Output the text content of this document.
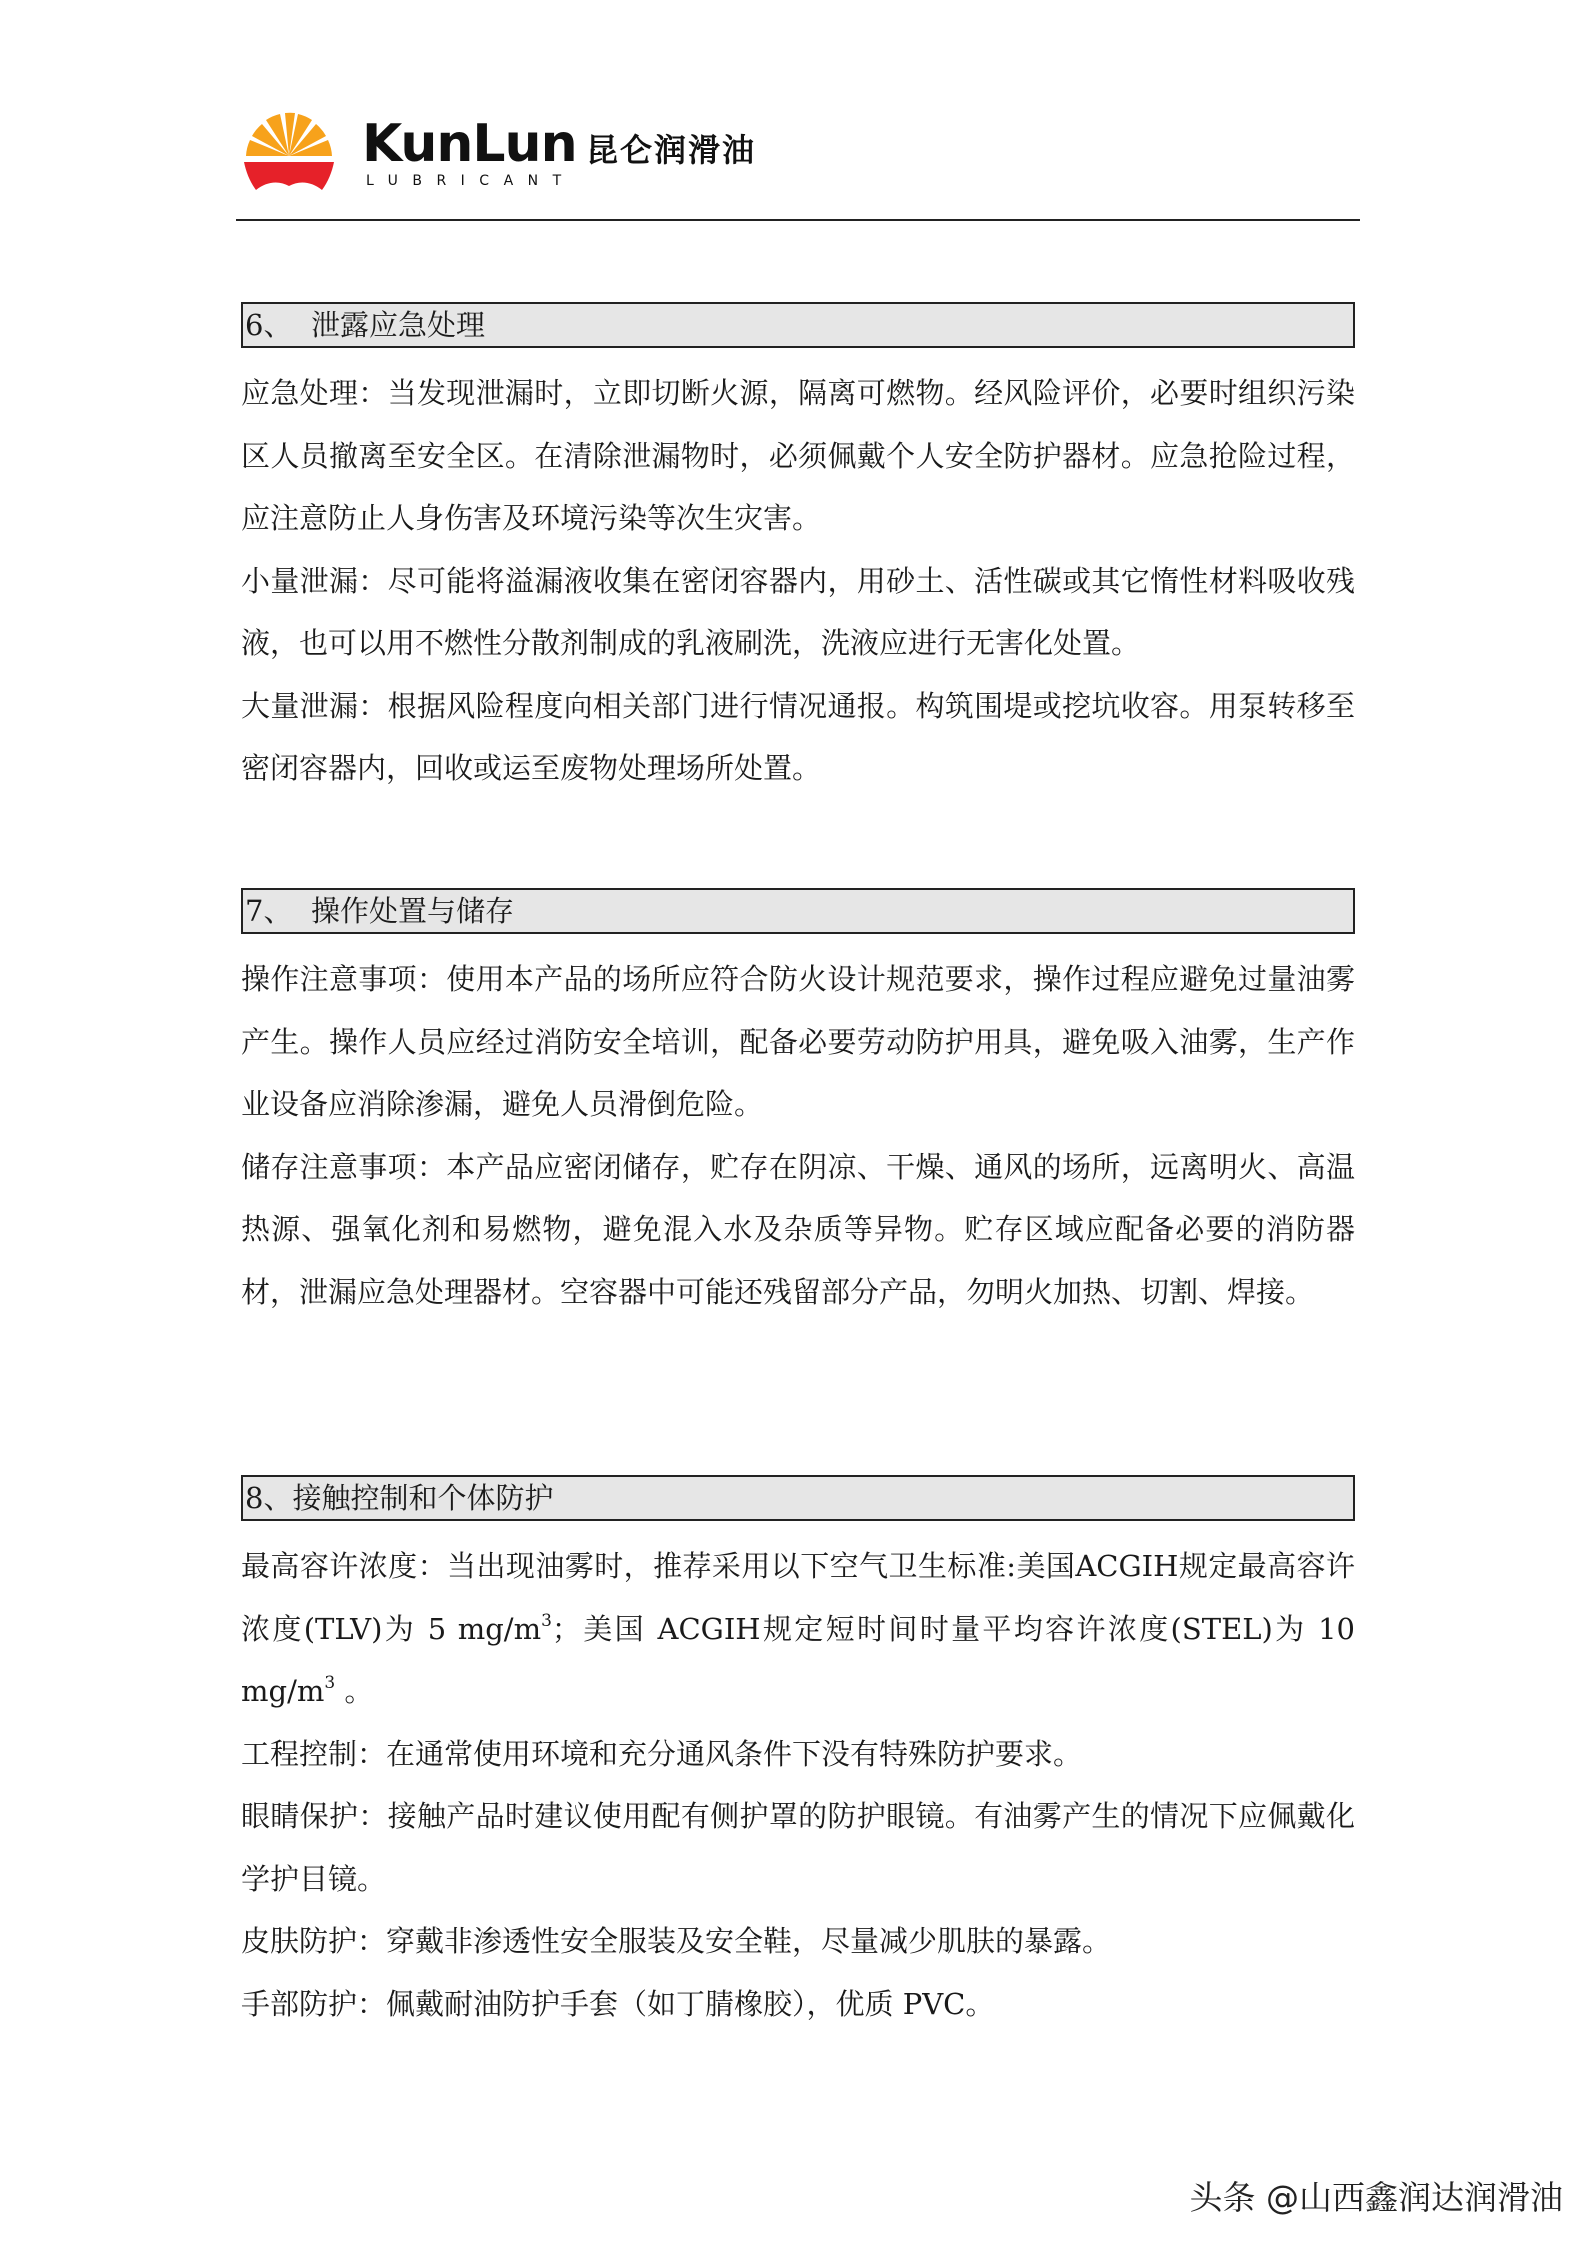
KunLun 昆仑润滑油
LUBRICANT
6、 泄露应急处理

应急处理：当发现泄漏时，立即切断火源，隔离可燃物。经风险评价，必要时组织污染区人员撤离至安全区。在清除泄漏物时，必须佩戴个人安全防护器材。应急抢险过程，应注意防止人身伤害及环境污染等次生灾害。

小量泄漏：尽可能将溢漏液收集在密闭容器内，用砂土、活性碳或其它惰性材料吸收残液，也可以用不燃性分散剂制成的乳液刷洗，洗液应进行无害化处置。

大量泄漏：根据风险程度向相关部门进行情况通报。构筑围堤或挖坑收容。用泵转移至密闭容器内，回收或运至废物处理场所处置。

7、 操作处置与储存

操作注意事项：使用本产品的场所应符合防火设计规范要求，操作过程应避免过量油雾产生。操作人员应经过消防安全培训，配备必要劳动防护用具，避免吸入油雾，生产作业设备应消除渗漏，避免人员滑倒危险。

储存注意事项：本产品应密闭储存，贮存在阴凉、干燥、通风的场所，远离明火、高温热源、强氧化剂和易燃物，避免混入水及杂质等异物。贮存区域应配备必要的消防器材，泄漏应急处理器材。空容器中可能还残留部分产品，勿明火加热、切割、焊接。

8、接触控制和个体防护

最高容许浓度：当出现油雾时，推荐采用以下空气卫生标准:美国ACGIH规定最高容许浓度(TLV)为 5 $mg/m^3$；美国 ACGIH规定短时间时量平均容许浓度(STEL)为 10 $mg/m^3$ 。

工程控制：在通常使用环境和充分通风条件下没有特殊防护要求。

眼睛保护：接触产品时建议使用配有侧护罩的防护眼镜。有油雾产生的情况下应佩戴化学护目镜。

皮肤防护：穿戴非渗透性安全服装及安全鞋，尽量减少肌肤的暴露。

手部防护：佩戴耐油防护手套（如丁腈橡胶），优质 PVC。

头条 @山西鑫润达润滑油
